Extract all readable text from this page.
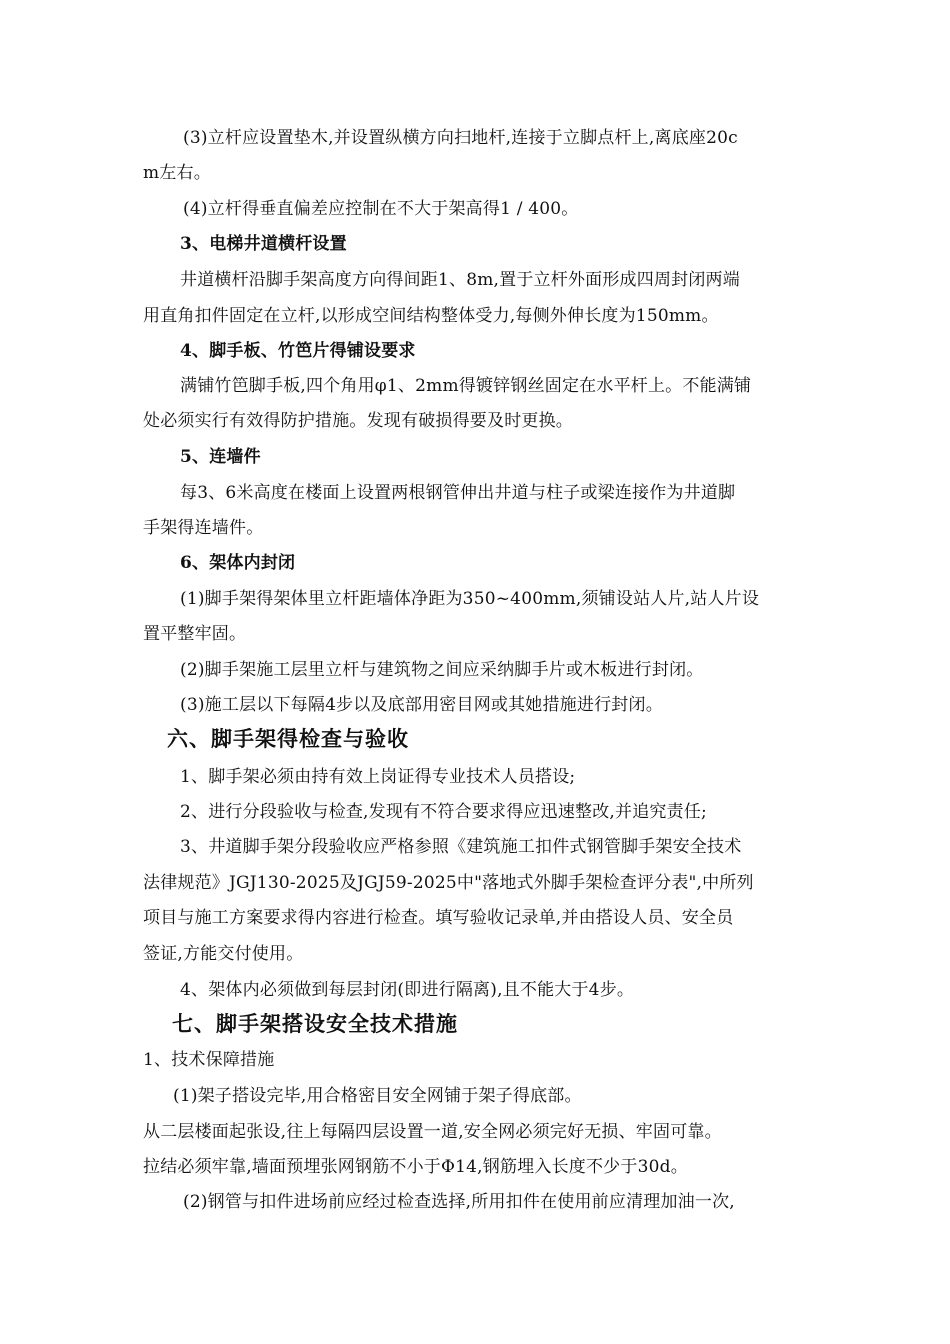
(3)立杆应设置垫木,并设置纵横方向扫地杆,连接于立脚点杆上,离底座20c
m左右。
(4)立杆得垂直偏差应控制在不大于架高得1 / 400。
3、电梯井道横杆设置
井道横杆沿脚手架高度方向得间距1、8m,置于立杆外面形成四周封闭两端
用直角扣件固定在立杆,以形成空间结构整体受力,每侧外伸长度为150mm。
4、脚手板、竹笆片得铺设要求
满铺竹笆脚手板,四个角用φ1、2mm得镀锌钢丝固定在水平杆上。不能满铺
处必须实行有效得防护措施。发现有破损得要及时更换。
5、连墙件
每3、6米高度在楼面上设置两根钢管伸出井道与柱子或梁连接作为井道脚
手架得连墙件。
6、架体内封闭
(1)脚手架得架体里立杆距墙体净距为350~400mm,须铺设站人片,站人片设
置平整牢固。
(2)脚手架施工层里立杆与建筑物之间应采纳脚手片或木板进行封闭。
(3)施工层以下每隔4步以及底部用密目网或其她措施进行封闭。
六、脚手架得检查与验收
1、脚手架必须由持有效上岗证得专业技术人员搭设;
2、进行分段验收与检查,发现有不符合要求得应迅速整改,并追究责任;
3、井道脚手架分段验收应严格参照《建筑施工扣件式钢管脚手架安全技术
法律规范》JGJ130-2025及JGJ59-2025中"落地式外脚手架检查评分表",中所列
项目与施工方案要求得内容进行检查。填写验收记录单,并由搭设人员、安全员
签证,方能交付使用。
4、架体内必须做到每层封闭(即进行隔离),且不能大于4步。
七、脚手架搭设安全技术措施
1、技术保障措施
(1)架子搭设完毕,用合格密目安全网铺于架子得底部。
从二层楼面起张设,往上每隔四层设置一道,安全网必须完好无损、牢固可靠。
拉结必须牢靠,墙面预埋张网钢筋不小于Φ14,钢筋埋入长度不少于30d。
(2)钢管与扣件进场前应经过检查选择,所用扣件在使用前应清理加油一次,
